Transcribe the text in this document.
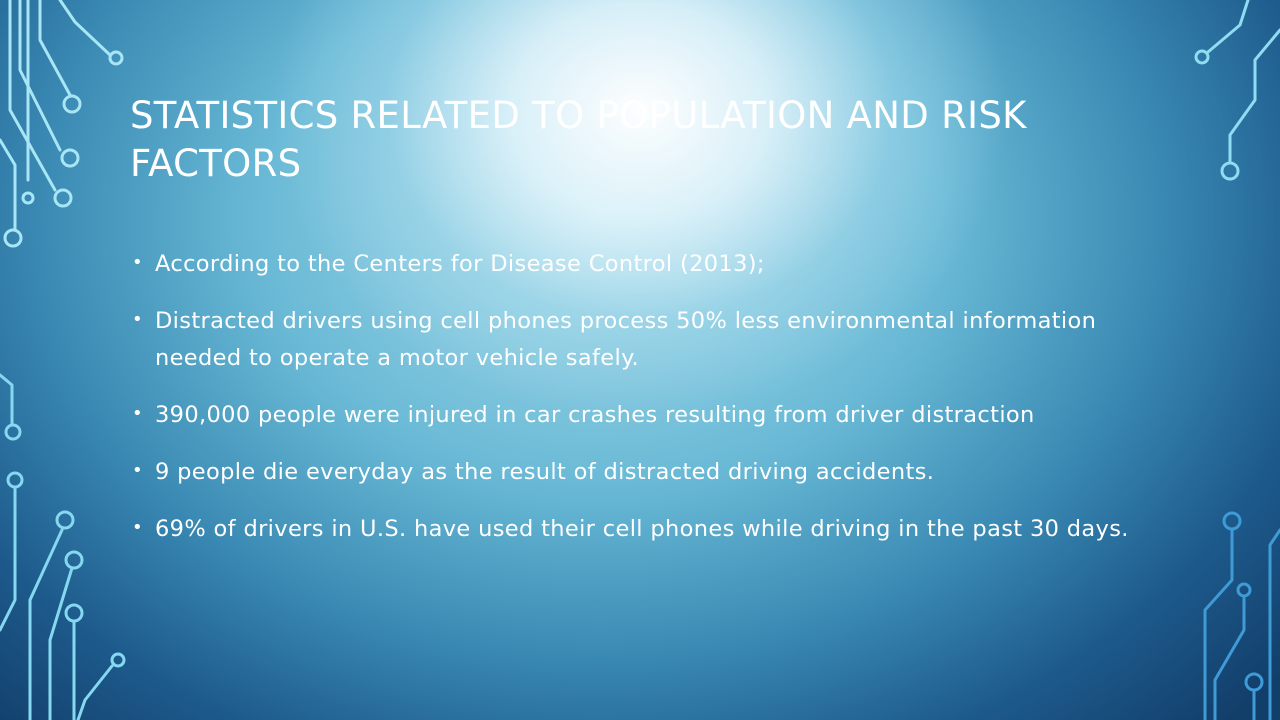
STATISTICS RELATED TO POPULATION AND RISK FACTORS
• According to the Centers for Disease Control (2013);
• Distracted drivers using cell phones process 50% less environmental information needed to operate a motor vehicle safely.
• 390,000 people were injured in car crashes resulting from driver distraction
• 9 people die everyday as the result of distracted driving accidents.
• 69% of drivers in U.S. have used their cell phones while driving in the past 30 days.
